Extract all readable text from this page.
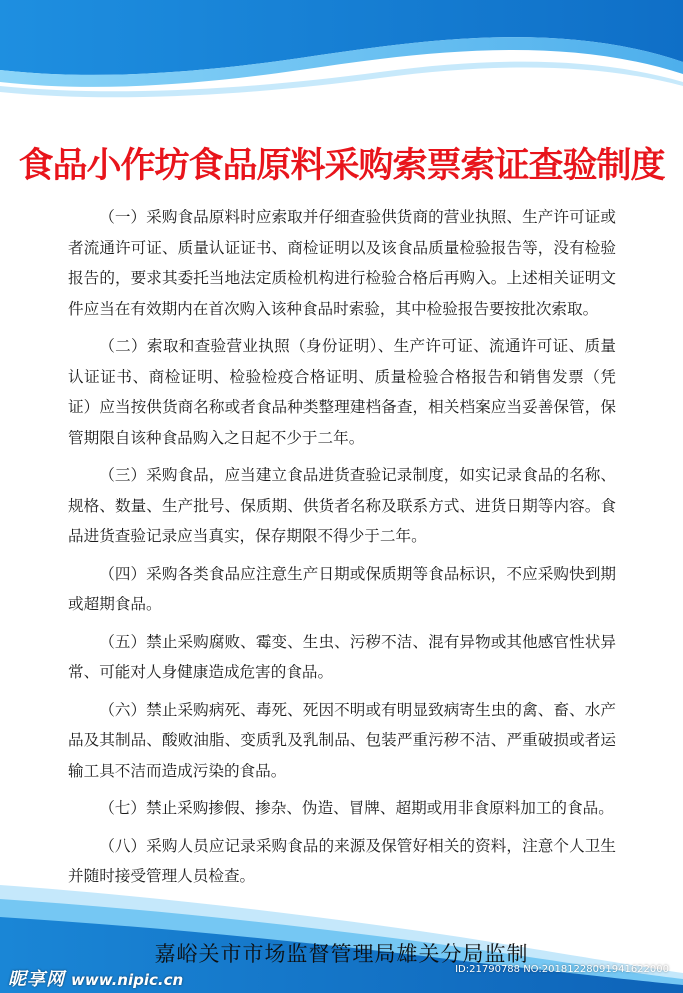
食品小作坊食品原料采购索票索证查验制度

（一）采购食品原料时应索取并仔细查验供货商的营业执照、生产许可证或者流通许可证、质量认证证书、商检证明以及该食品质量检验报告等，没有检验报告的，要求其委托当地法定质检机构进行检验合格后再购入。上述相关证明文件应当在有效期内在首次购入该种食品时索验，其中检验报告要按批次索取。

（二）索取和查验营业执照（身份证明）、生产许可证、流通许可证、质量认证证书、商检证明、检验检疫合格证明、质量检验合格报告和销售发票（凭证）应当按供货商名称或者食品种类整理建档备查，相关档案应当妥善保管，保管期限自该种食品购入之日起不少于二年。

（三）采购食品，应当建立食品进货查验记录制度，如实记录食品的名称、规格、数量、生产批号、保质期、供货者名称及联系方式、进货日期等内容。食品进货查验记录应当真实，保存期限不得少于二年。

（四）采购各类食品应注意生产日期或保质期等食品标识，不应采购快到期或超期食品。

（五）禁止采购腐败、霉变、生虫、污秽不洁、混有异物或其他感官性状异常、可能对人身健康造成危害的食品。

（六）禁止采购病死、毒死、死因不明或有明显致病寄生虫的禽、畜、水产品及其制品、酸败油脂、变质乳及乳制品、包装严重污秽不洁、严重破损或者运输工具不洁而造成污染的食品。

（七）禁止采购掺假、掺杂、伪造、冒牌、超期或用非食原料加工的食品。

（八）采购人员应记录采购食品的来源及保管好相关的资料，注意个人卫生并随时接受管理人员检查。

嘉峪关市市场监督管理局雄关分局监制
昵享网 www.nipic.cn
ID:21790788 NO:20181228091941622000
